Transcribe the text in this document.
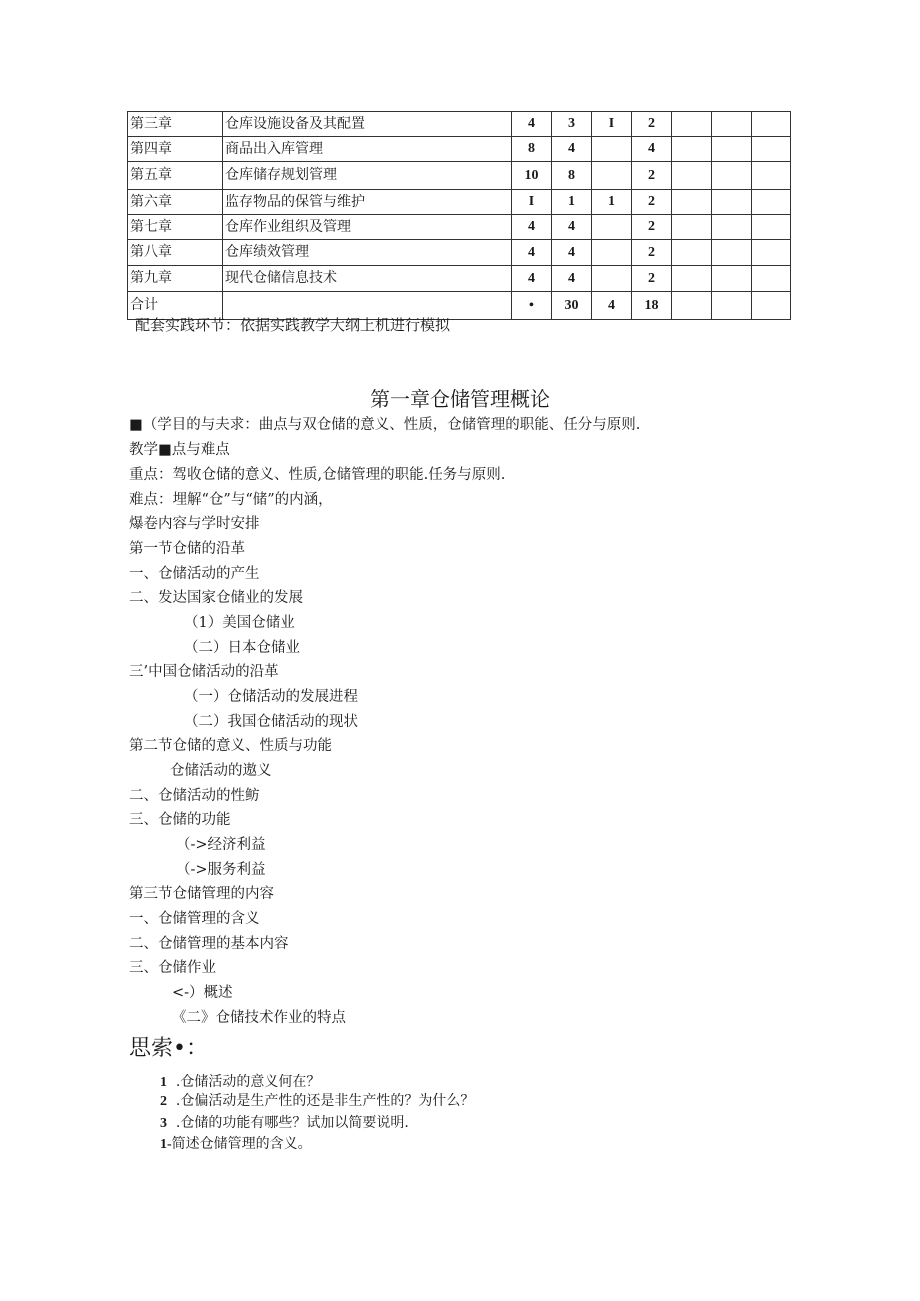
第三章	仓库设施设备及其配置	4	3	I	2			
第四章	商品出入库管理	8	4		4			
第五章	仓库储存规划管理	10	8		2			
第六章	监存物品的保管与维护	I	1	1	2			
第七章	仓库作业组织及管理	4	4		2			
第八章	仓库绩效管理	4	4		2			
第九章	现代仓储信息技术	4	4		2			
合计		•	30	4	18			
配套实践环节：依据实践教学大纲上机进行模拟
第一章仓储管理概论
■（学目的与夫求：曲点与双仓储的意义、性质，仓储管理的职能、任分与原则.
教学■点与难点
重点：驾收仓储的意义、性质,仓储管理的职能.任务与原则.
难点：埋解“仓”与“储”的内涵，
爆卷内容与学时安排
第一节仓储的沿革
一、仓储活动的产生
二、发达国家仓储业的发展
（1）美国仓储业
（二）日本仓储业
三’中国仓储活动的沿革
（一）仓储活动的发展进程
（二）我国仓储活动的现状
第二节仓储的意义、性质与功能
仓储活动的遨义
二、仓储活动的性鲂
三、仓储的功能
（->经济利益
（->服务利益
第三节仓储管理的内容
一、仓储管理的含义
二、仓储管理的基本内容
三、仓储作业
<-）概述
《二》仓储技术作业的特点
思索•：
1 .仓储活动的意义何在？
2 .仓偏活动是生产性的还是非生产性的？为什么？
3 .仓储的功能有哪些？试加以简要说明.
1-简述仓储管理的含义。
